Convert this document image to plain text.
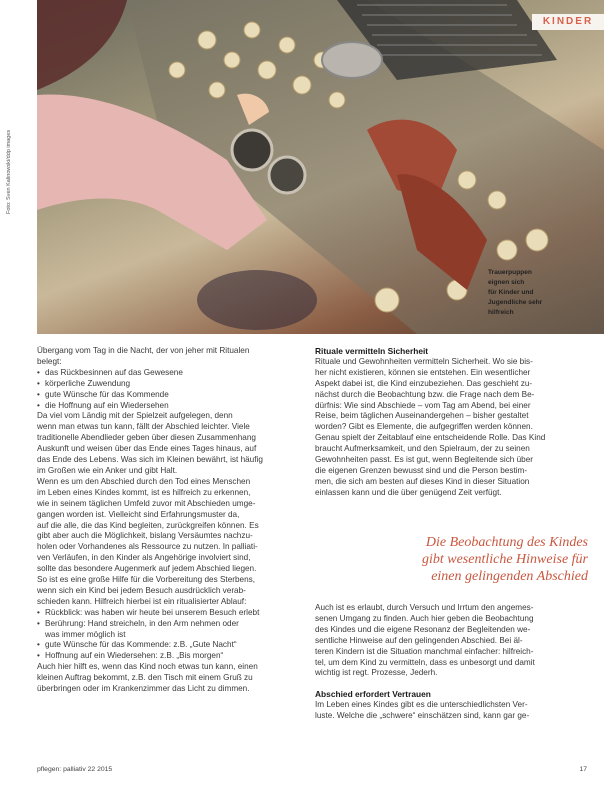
KINDER
Foto: Sven Kalinowski/ddp images
Trauerpuppen
eignen sich
für Kinder und
Jugendliche sehr
hilfreich
Übergang vom Tag in die Nacht, der von jeher mit Ritualen
belegt:
• das Rückbesinnen auf das Gewesene
• körperliche Zuwendung
• gute Wünsche für das Kommende
• die Hoffnung auf ein Wiedersehen
Da viel vom Ländig mit der Spielzeit aufgelegen, denn
wenn man etwas tun kann, fällt der Abschied leichter. Viele
traditionelle Abendlieder geben über diesen Zusammenhang
Auskunft und weisen über das Ende eines Tages hinaus, auf
das Ende des Lebens. Was sich im Kleinen bewährt, ist häufig
im Großen wie ein Anker und gibt Halt.
Wenn es um den Abschied durch den Tod eines Menschen
im Leben eines Kindes kommt, ist es hilfreich zu erkennen,
wie in seinem täglichen Umfeld zuvor mit Abschieden umge-
gangen worden ist. Vielleicht sind Erfahrungsmuster da,
auf die alle, die das Kind begleiten, zurückgreifen können. Es
gibt aber auch die Möglichkeit, bislang Versäumtes nachzu-
holen oder Vorhandenes als Ressource zu nutzen. In palliati-
ven Verläufen, in den Kinder als Angehörige involviert sind,
sollte das besondere Augenmerk auf jedem Abschied liegen.
So ist es eine große Hilfe für die Vorbereitung des Sterbens,
wenn sich ein Kind bei jedem Besuch ausdrücklich verab-
schieden kann. Hilfreich hierbei ist ein ritualisierter Ablauf:
• Rückblick: was haben wir heute bei unserem Besuch erlebt
• Berührung: Hand streicheln, in den Arm nehmen oder
was immer möglich ist
• gute Wünsche für das Kommende: z.B. „Gute Nacht“
• Hoffnung auf ein Wiedersehen: z.B. „Bis morgen“
Auch hier hilft es, wenn das Kind noch etwas tun kann, einen
kleinen Auftrag bekommt, z.B. den Tisch mit einem Gruß zu
überbringen oder im Krankenzimmer das Licht zu dimmen.
Rituale vermitteln Sicherheit
Rituale und Gewohnheiten vermitteln Sicherheit. Wo sie bis-
her nicht existieren, können sie entstehen. Ein wesentlicher
Aspekt dabei ist, die Kind einzubeziehen. Das geschieht zu-
nächst durch die Beobachtung bzw. die Frage nach dem Be-
dürfnis: Wie sind Abschiede – vom Tag am Abend, bei einer
Reise, beim täglichen Auseinandergehen – bisher gestaltet
worden? Gibt es Elemente, die aufgegriffen werden können.
Genau spielt der Zeitablauf eine entscheidende Rolle. Das Kind
braucht Aufmerksamkeit, und den Spielraum, der zu seinen
Gewohnheiten passt. Es ist gut, wenn Begleitende sich über
die eigenen Grenzen bewusst sind und die Person bestim-
men, die sich am besten auf dieses Kind in dieser Situation
einlassen kann und die über genügend Zeit verfügt.
Die Beobachtung des Kindes
gibt wesentliche Hinweise für
einen gelingenden Abschied
Auch ist es erlaubt, durch Versuch und Irrtum den angemes-
senen Umgang zu finden. Auch hier geben die Beobachtung
des Kindes und die eigene Resonanz der Begleitenden we-
sentliche Hinweise auf den gelingenden Abschied. Bei äl-
teren Kindern ist die Situation manchmal einfacher: hilfreich-
tel, um dem Kind zu vermitteln, dass es unbesorgt und damit
wichtig ist regt. Prozesse, Jederh.
Abschied erfordert Vertrauen
Im Leben eines Kindes gibt es die unterschiedlichsten Ver-
luste. Welche die „schwere“ einschätzen sind, kann gar ge-
pflegen: palliativ 22 2015	17
